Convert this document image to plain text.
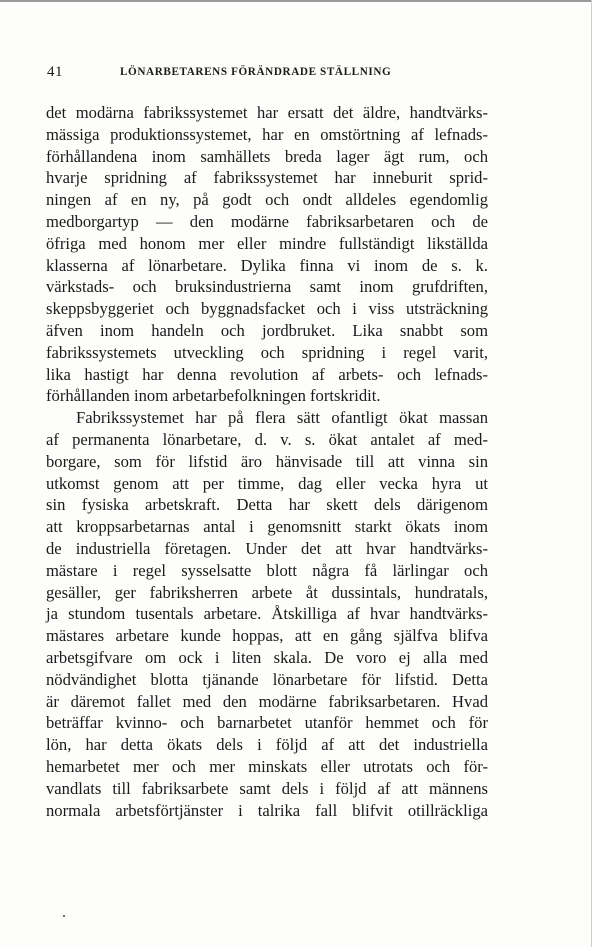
41	LÖNARBETARENS FÖRÄNDRADE STÄLLNING
det modärna fabrikssystemet har ersatt det äldre, handtvärks-
mässiga produktionssystemet, har en omstörtning af lefnads-
förhållandena inom samhällets breda lager ägt rum, och
hvarje spridning af fabrikssystemet har inneburit sprid-
ningen af en ny, på godt och ondt alldeles egendomlig
medborgartyp — den modärne fabriksarbetaren och de
öfriga med honom mer eller mindre fullständigt likställda
klasserna af lönarbetare. Dylika finna vi inom de s. k.
värkstads- och bruksindustrierna samt inom grufdriften,
skeppsbyggeriet och byggnadsfacket och i viss utsträckning
äfven inom handeln och jordbruket. Lika snabbt som
fabrikssystemets utveckling och spridning i regel varit,
lika hastigt har denna revolution af arbets- och lefnads-
förhållanden inom arbetarbefolkningen fortskridit.
Fabrikssystemet har på flera sätt ofantligt ökat massan
af permanenta lönarbetare, d. v. s. ökat antalet af med-
borgare, som för lifstid äro hänvisade till att vinna sin
utkomst genom att per timme, dag eller vecka hyra ut
sin fysiska arbetskraft. Detta har skett dels därigenom
att kroppsarbetarnas antal i genomsnitt starkt ökats inom
de industriella företagen. Under det att hvar handtvärks-
mästare i regel sysselsatte blott några få lärlingar och
gesäller, ger fabriksherren arbete åt dussintals, hundratals,
ja stundom tusentals arbetare. Åtskilliga af hvar handtvärks-
mästares arbetare kunde hoppas, att en gång själfva blifva
arbetsgifvare om ock i liten skala. De voro ej alla med
nödvändighet blotta tjänande lönarbetare för lifstid. Detta
är däremot fallet med den modärne fabriksarbetaren. Hvad
beträffar kvinno- och barnarbetet utanför hemmet och för
lön, har detta ökats dels i följd af att det industriella
hemarbetet mer och mer minskats eller utrotats och för-
vandlats till fabriksarbete samt dels i följd af att männens
normala arbetsförtjänster i talrika fall blifvit otillräckliga
